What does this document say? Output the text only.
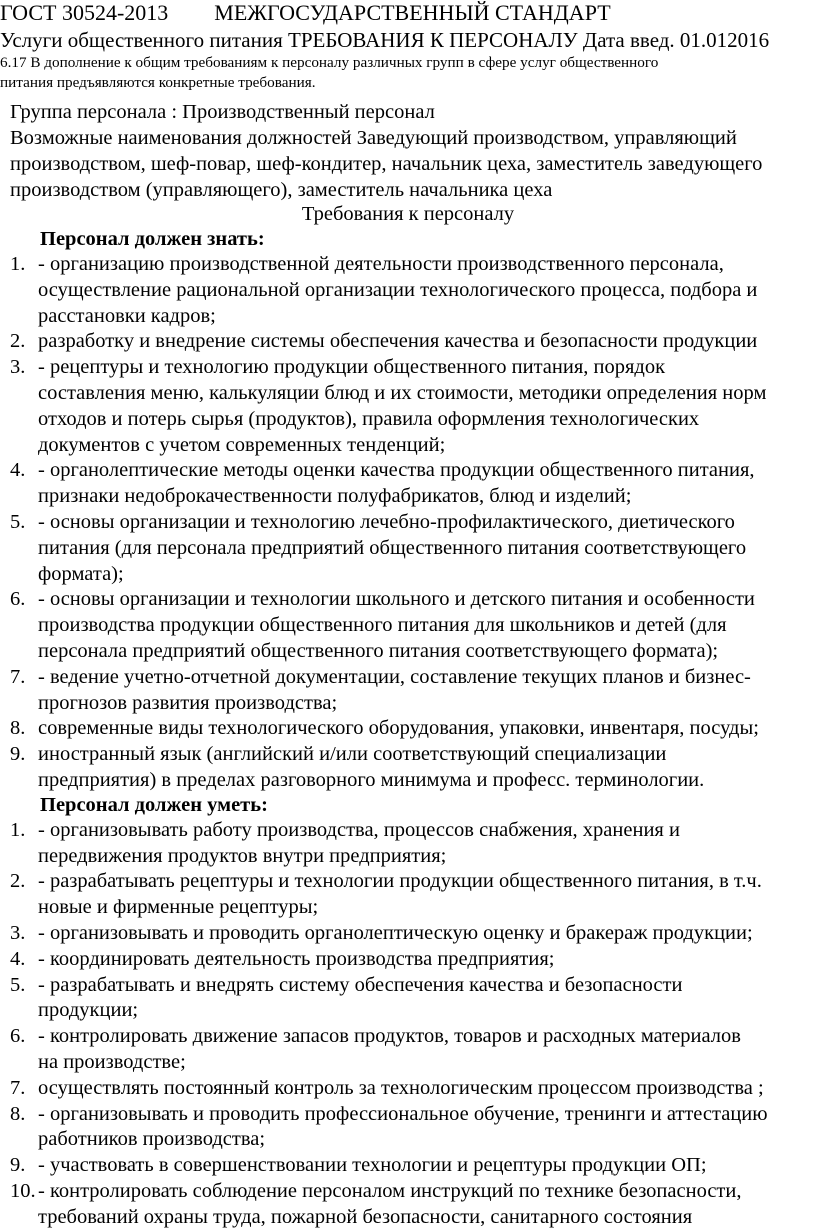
ГОСТ 30524-2013 МЕЖГОСУДАРСТВЕННЫЙ СТАНДАРТ
Услуги общественного питания ТРЕБОВАНИЯ К ПЕРСОНАЛУ Дата введ. 01.012016
6.17 В дополнение к общим требованиям к персоналу различных групп в сфере услуг общественного
питания предъявляются конкретные требования.
Группа персонала : Производственный персонал
Возможные наименования должностей Заведующий производством, управляющий
производством, шеф-повар, шеф-кондитер, начальник цеха, заместитель заведующего
производством (управляющего), заместитель начальника цеха
Требования к персоналу
Персонал должен знать:
1. - организацию производственной деятельности производственного персонала,
осуществление рациональной организации технологического процесса, подбора и
расстановки кадров;
2. разработку и внедрение системы обеспечения качества и безопасности продукции
3. - рецептуры и технологию продукции общественного питания, порядок
составления меню, калькуляции блюд и их стоимости, методики определения норм
отходов и потерь сырья (продуктов), правила оформления технологических
документов с учетом современных тенденций;
4. - органолептические методы оценки качества продукции общественного питания,
признаки недоброкачественности полуфабрикатов, блюд и изделий;
5. - основы организации и технологию лечебно-профилактического, диетического
питания (для персонала предприятий общественного питания соответствующего
формата);
6. - основы организации и технологии школьного и детского питания и особенности
производства продукции общественного питания для школьников и детей (для
персонала предприятий общественного питания соответствующего формата);
7. - ведение учетно-отчетной документации, составление текущих планов и бизнес-
прогнозов развития производства;
8. современные виды технологического оборудования, упаковки, инвентаря, посуды;
9. иностранный язык (английский и/или соответствующий специализации
предприятия) в пределах разговорного минимума и професс. терминологии.
Персонал должен уметь:
1. - организовывать работу производства, процессов снабжения, хранения и
передвижения продуктов внутри предприятия;
2. - разрабатывать рецептуры и технологии продукции общественного питания, в т.ч.
новые и фирменные рецептуры;
3. - организовывать и проводить органолептическую оценку и бракераж продукции;
4. - координировать деятельность производства предприятия;
5. - разрабатывать и внедрять систему обеспечения качества и безопасности
продукции;
6. - контролировать движение запасов продуктов, товаров и расходных материалов
на производстве;
7. осуществлять постоянный контроль за технологическим процессом производства ;
8. - организовывать и проводить профессиональное обучение, тренинги и аттестацию
работников производства;
9. - участвовать в совершенствовании технологии и рецептуры продукции ОП;
10. - контролировать соблюдение персоналом инструкций по технике безопасности,
требований охраны труда, пожарной безопасности, санитарного состояния
